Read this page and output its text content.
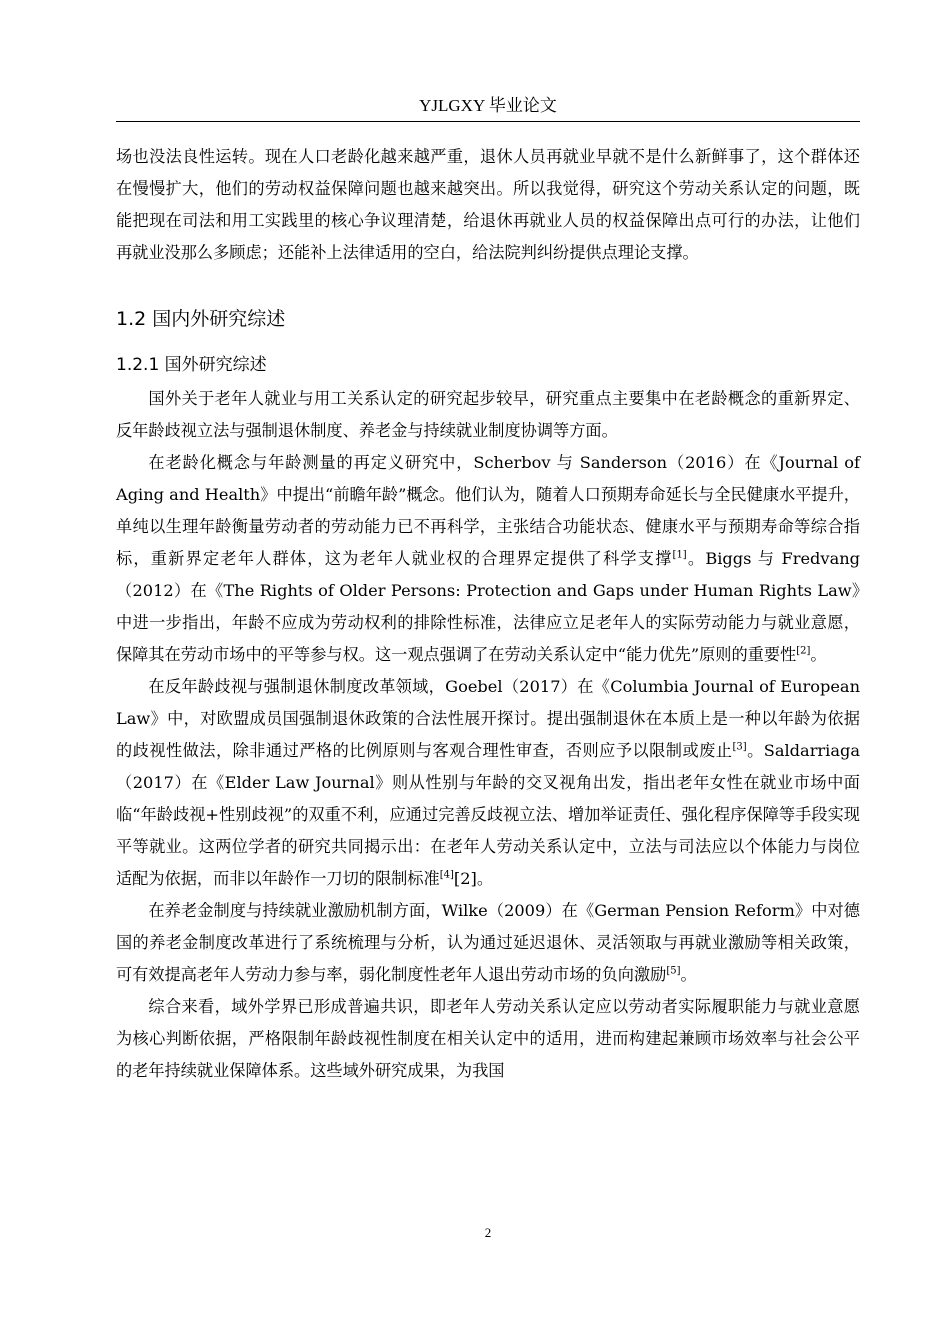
YJLGXY 毕业论文

场也没法良性运转。现在人口老龄化越来越严重，退休人员再就业早就不是什么新鲜事了，这个群体还在慢慢扩大，他们的劳动权益保障问题也越来越突出。所以我觉得，研究这个劳动关系认定的问题，既能把现在司法和用工实践里的核心争议理清楚，给退休再就业人员的权益保障出点可行的办法，让他们再就业没那么多顾虑；还能补上法律适用的空白，给法院判纠纷提供点理论支撑。

1.2 国内外研究综述
1.2.1 国外研究综述

国外关于老年人就业与用工关系认定的研究起步较早，研究重点主要集中在老龄概念的重新界定、反年龄歧视立法与强制退休制度、养老金与持续就业制度协调等方面。

在老龄化概念与年龄测量的再定义研究中，Scherbov 与 Sanderson（2016）在《Journal of Aging and Health》中提出“前瞻年龄”概念。他们认为，随着人口预期寿命延长与全民健康水平提升，单纯以生理年龄衡量劳动者的劳动能力已不再科学，主张结合功能状态、健康水平与预期寿命等综合指标，重新界定老年人群体，这为老年人就业权的合理界定提供了科学支撑[1]。Biggs 与 Fredvang（2012）在《The Rights of Older Persons: Protection and Gaps under Human Rights Law》中进一步指出，年龄不应成为劳动权利的排除性标准，法律应立足老年人的实际劳动能力与就业意愿，保障其在劳动市场中的平等参与权。这一观点强调了在劳动关系认定中“能力优先”原则的重要性[2]。

在反年龄歧视与强制退休制度改革领域，Goebel（2017）在《Columbia Journal of European Law》中，对欧盟成员国强制退休政策的合法性展开探讨。提出强制退休在本质上是一种以年龄为依据的歧视性做法，除非通过严格的比例原则与客观合理性审查，否则应予以限制或废止[3]。Saldarriaga（2017）在《Elder Law Journal》则从性别与年龄的交叉视角出发，指出老年女性在就业市场中面临“年龄歧视+性别歧视”的双重不利，应通过完善反歧视立法、增加举证责任、强化程序保障等手段实现平等就业。这两位学者的研究共同揭示出：在老年人劳动关系认定中，立法与司法应以个体能力与岗位适配为依据，而非以年龄作一刀切的限制标准[4][2]。

在养老金制度与持续就业激励机制方面，Wilke（2009）在《German Pension Reform》中对德国的养老金制度改革进行了系统梳理与分析，认为通过延迟退休、灵活领取与再就业激励等相关政策，可有效提高老年人劳动力参与率，弱化制度性老年人退出劳动市场的负向激励[5]。

综合来看，域外学界已形成普遍共识，即老年人劳动关系认定应以劳动者实际履职能力与就业意愿为核心判断依据，严格限制年龄歧视性制度在相关认定中的适用，进而构建起兼顾市场效率与社会公平的老年持续就业保障体系。这些域外研究成果，为我国

2
